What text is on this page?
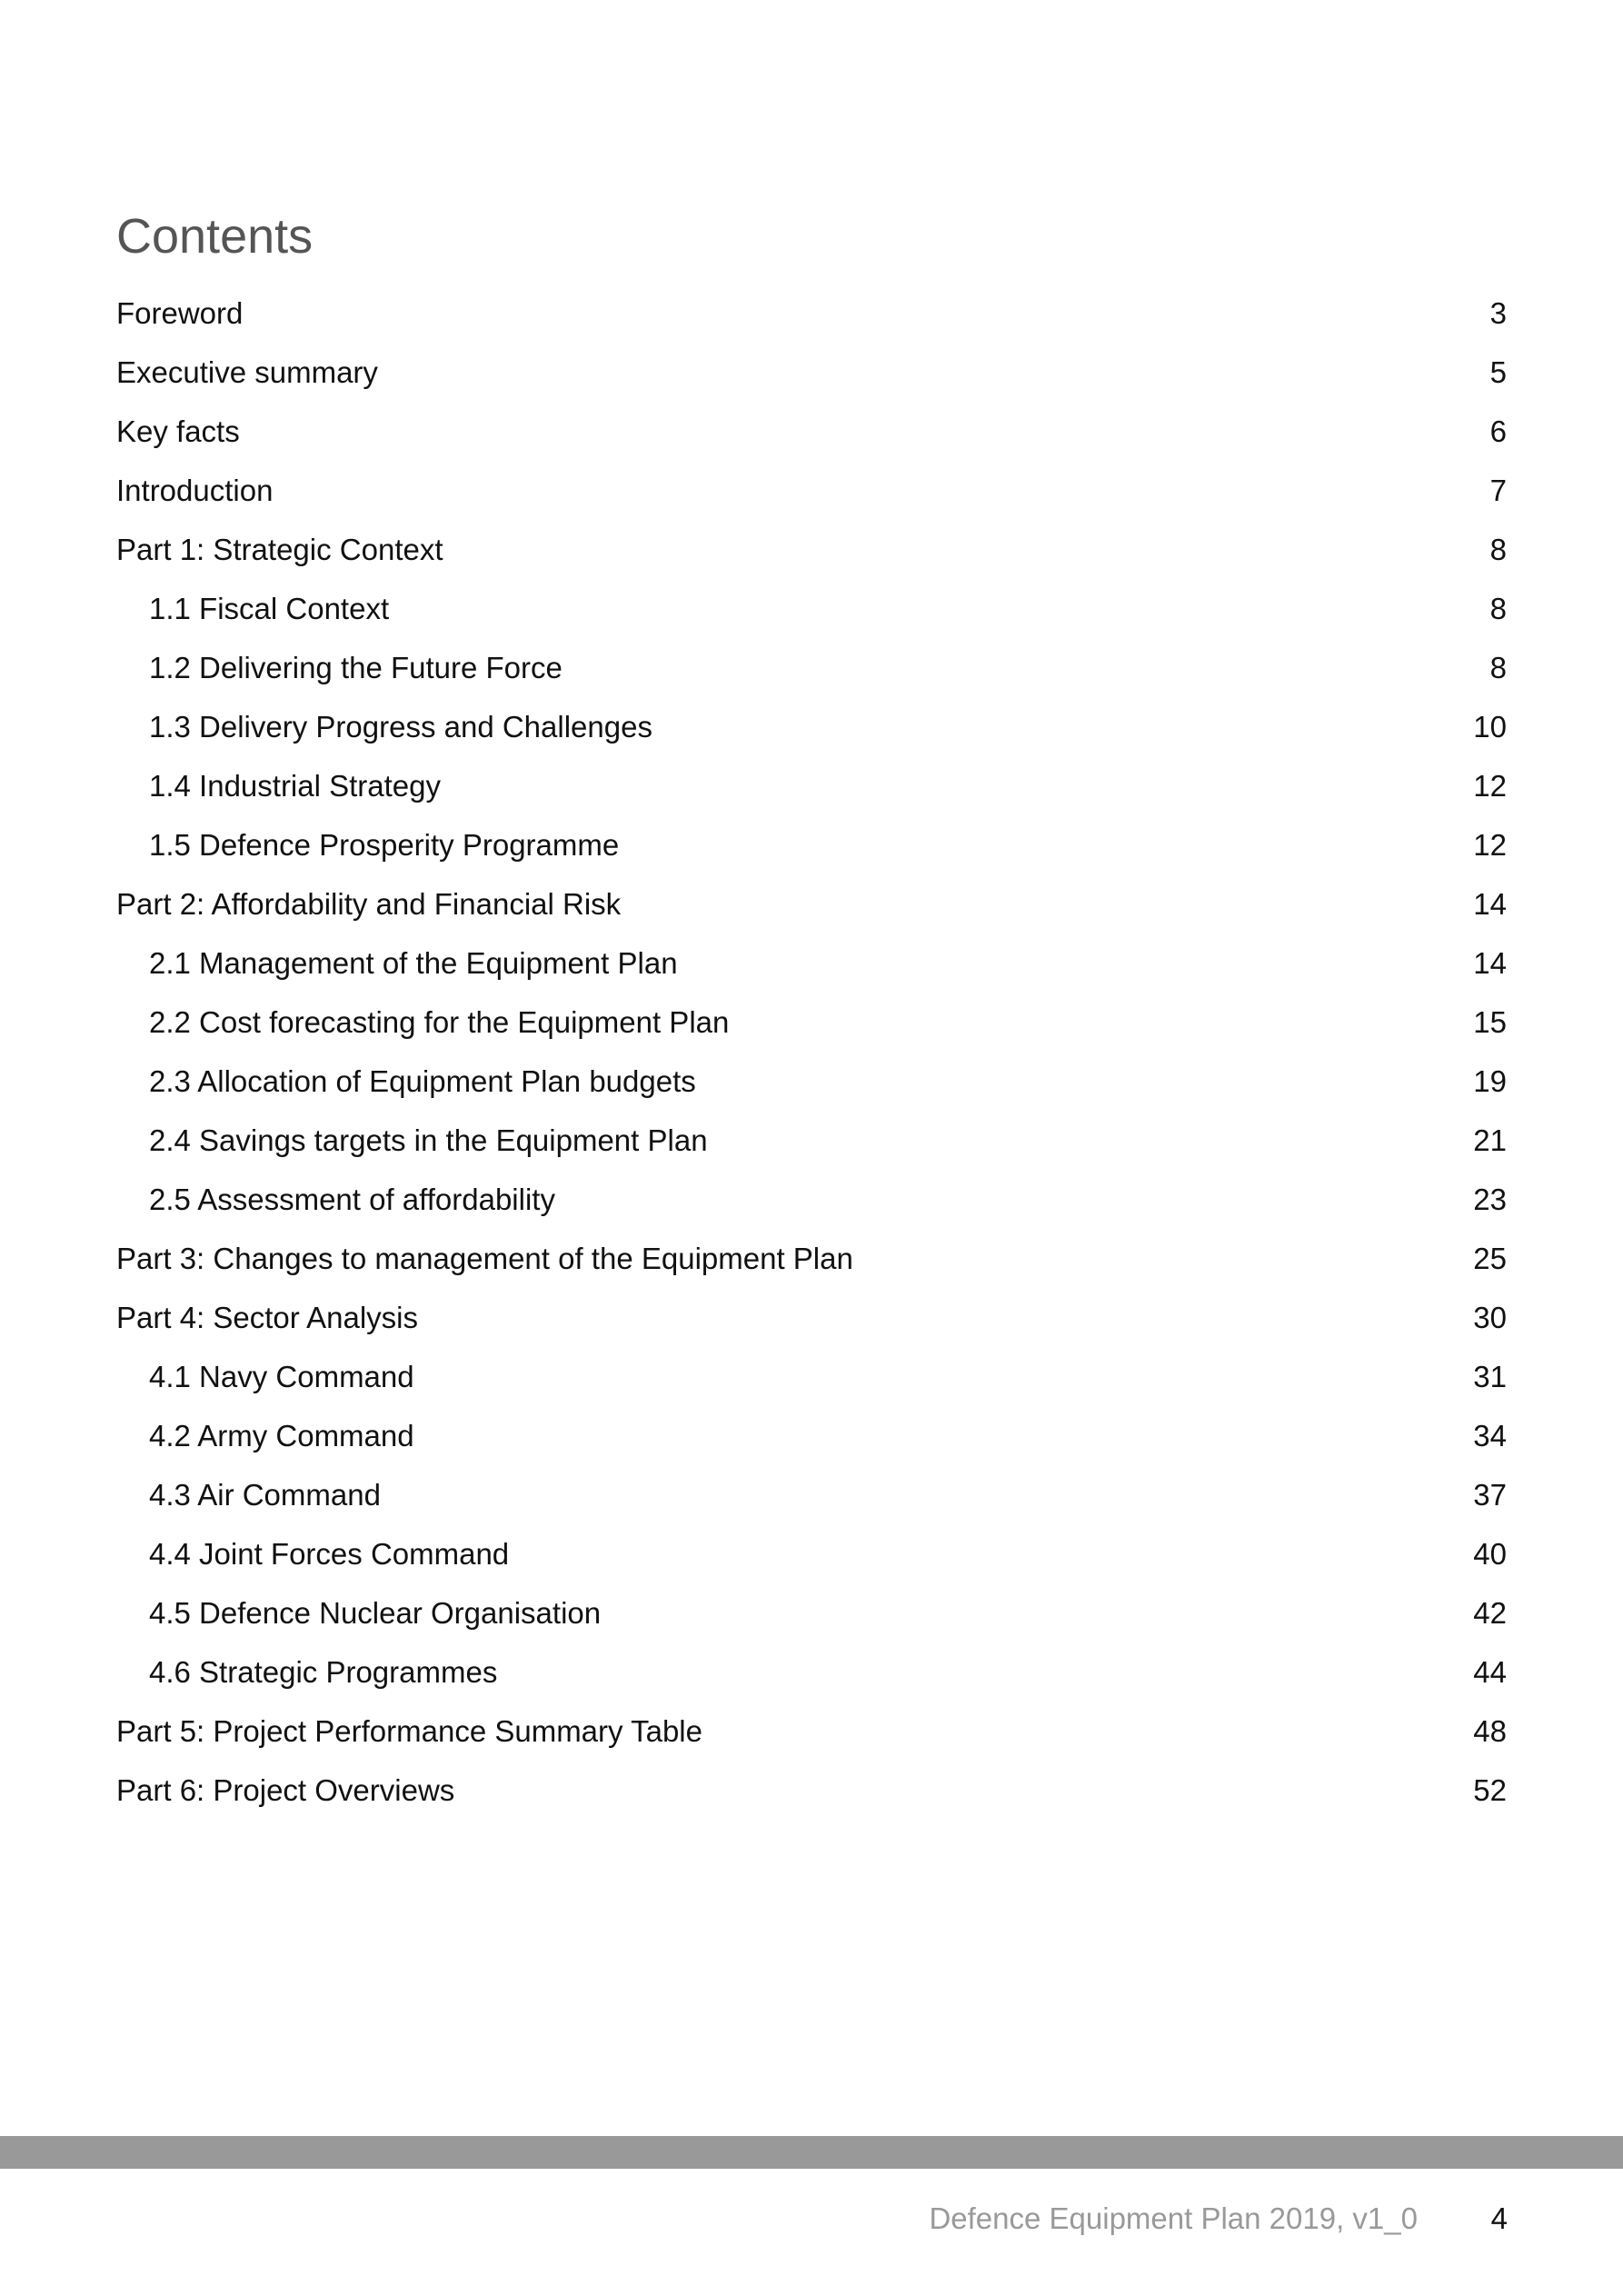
Contents
Foreword	3
Executive summary	5
Key facts	6
Introduction	7
Part 1: Strategic Context	8
1.1 Fiscal Context	8
1.2 Delivering the Future Force	8
1.3 Delivery Progress and Challenges	10
1.4 Industrial Strategy	12
1.5 Defence Prosperity Programme	12
Part 2: Affordability and Financial Risk	14
2.1 Management of the Equipment Plan	14
2.2 Cost forecasting for the Equipment Plan	15
2.3 Allocation of Equipment Plan budgets	19
2.4 Savings targets in the Equipment Plan	21
2.5 Assessment of affordability	23
Part 3: Changes to management of the Equipment Plan	25
Part 4: Sector Analysis	30
4.1 Navy Command	31
4.2 Army Command	34
4.3 Air Command	37
4.4 Joint Forces Command	40
4.5 Defence Nuclear Organisation	42
4.6 Strategic Programmes	44
Part 5: Project Performance Summary Table	48
Part 6: Project Overviews	52
Defence Equipment Plan 2019, v1_0 4
